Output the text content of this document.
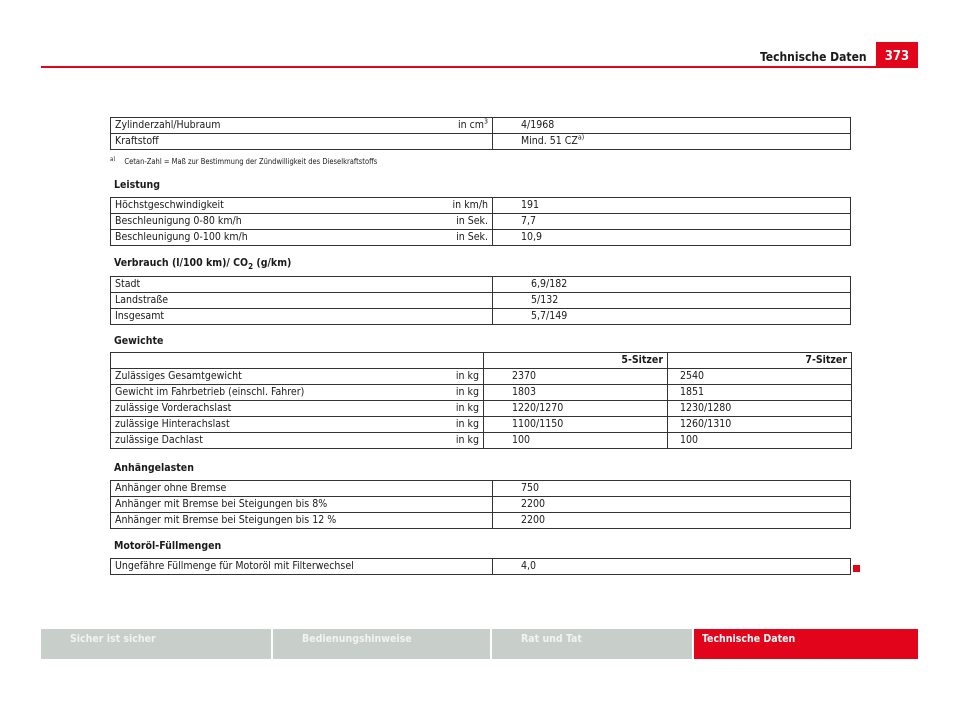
Technische Daten	373
Zylinderzahl/Hubraum in $cm^3$	4/1968
Kraftstoff	Mind. 51 CZ$^{a)}$
$^{a)}$ Cetan-Zahl = Maß zur Bestimmung der Zündwilligkeit des Dieselkraftstoffs
Leistung
Höchstgeschwindigkeit in km/h	191
Beschleunigung 0-80 km/h in Sek.	7,7
Beschleunigung 0-100 km/h in Sek.	10,9
Verbrauch (l/100 km)/ $CO_2$ (g/km)
Stadt	6,9/182
Landstraße	5/132
Insgesamt	5,7/149
Gewichte
	5-Sitzer	7-Sitzer
Zulässiges Gesamtgewicht in kg	2370	2540
Gewicht im Fahrbetrieb (einschl. Fahrer) in kg	1803	1851
zulässige Vorderachslast in kg	1220/1270	1230/1280
zulässige Hinterachslast in kg	1100/1150	1260/1310
zulässige Dachlast in kg	100	100
Anhängelasten
Anhänger ohne Bremse	750
Anhänger mit Bremse bei Steigungen bis 8%	2200
Anhänger mit Bremse bei Steigungen bis 12 %	2200
Motoröl-Füllmengen
Ungefähre Füllmenge für Motoröl mit Filterwechsel	4,0
Sicher ist sicher	Bedienungshinweise	Rat und Tat	Technische Daten
